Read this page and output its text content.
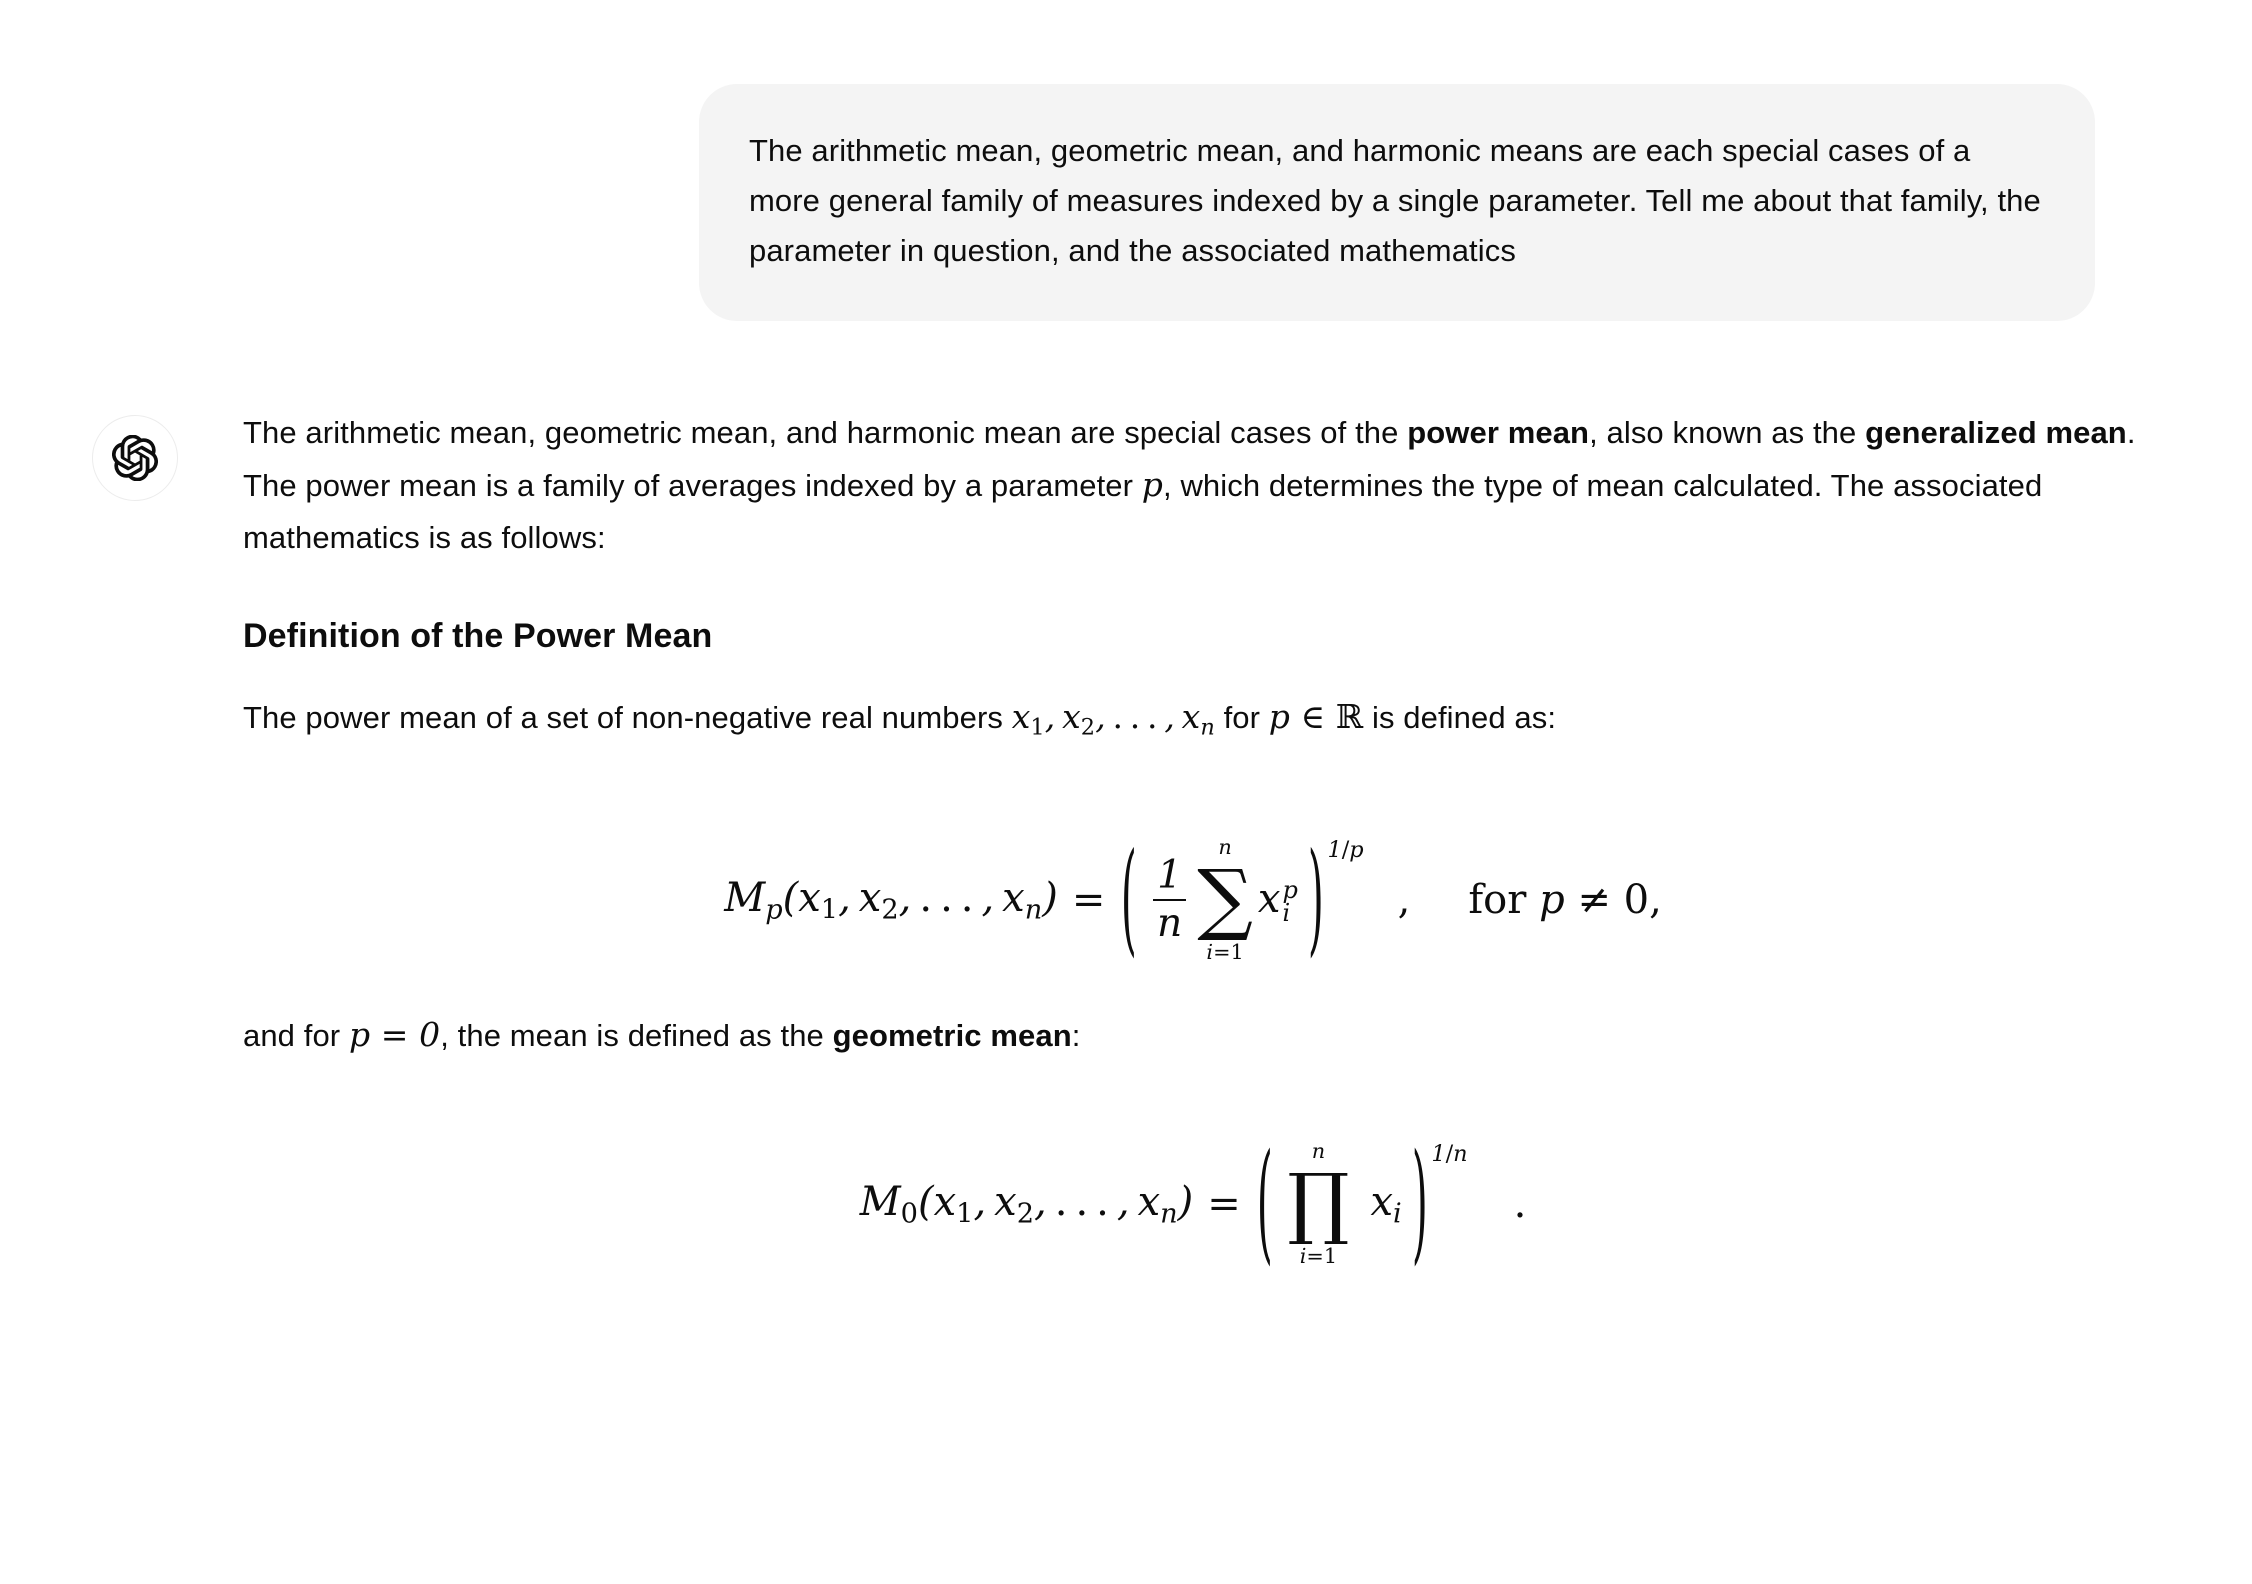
The arithmetic mean, geometric mean, and harmonic means are each special cases of a more general family of measures indexed by a single parameter. Tell me about that family, the parameter in question, and the associated mathematics

The arithmetic mean, geometric mean, and harmonic mean are special cases of the power mean, also known as the generalized mean. The power mean is a family of averages indexed by a parameter p, which determines the type of mean calculated. The associated mathematics is as follows:

Definition of the Power Mean

The power mean of a set of non-negative real numbers $x_1$, $x_2$, . . . , $x_n$ for p ∈ ℝ is defined as:

$M_p(x_1$, $x_2$, . . . , $x_n$) = ( $\frac{1}{n}$
n
∑
i=1
x p
i ) 1/p
, for p ≠ 0,

and for p = 0, the mean is defined as the geometric mean:

$M_0(x_1$, $x_2$, . . . , $x_n$) = ( n
∏
i=1
$x_i$ ) 1/n
.
